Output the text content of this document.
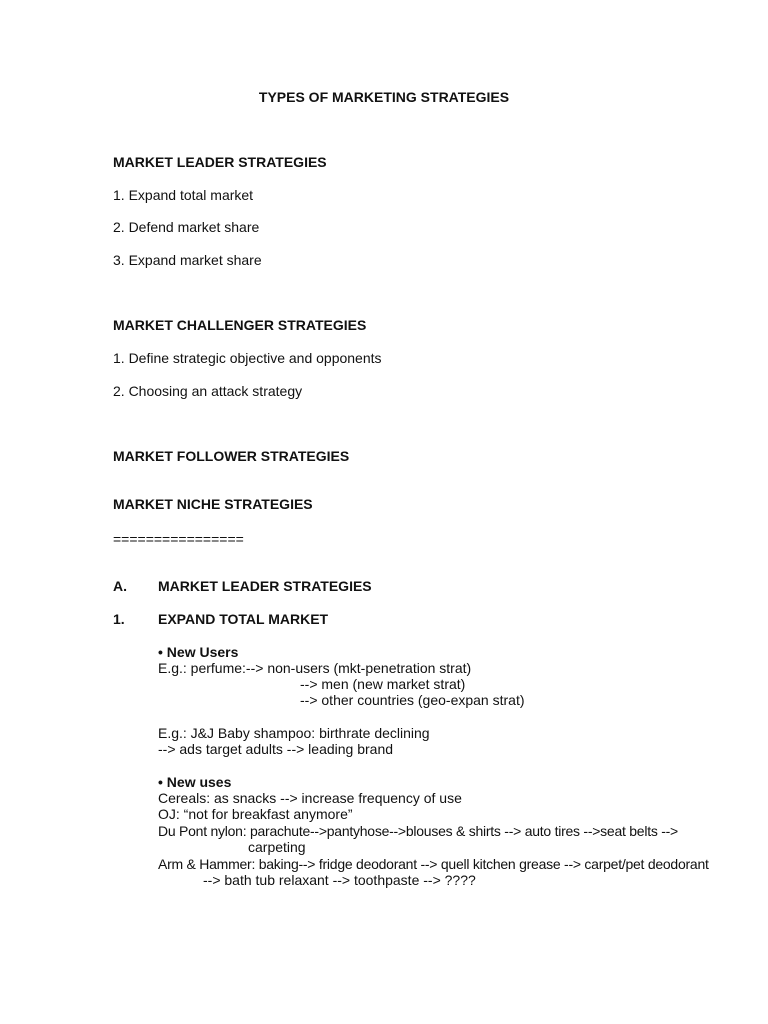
TYPES OF MARKETING STRATEGIES
MARKET LEADER STRATEGIES
1. Expand total market
2. Defend market share
3. Expand market share
MARKET CHALLENGER STRATEGIES
1. Define strategic objective and opponents
2. Choosing an attack strategy
MARKET FOLLOWER STRATEGIES
MARKET NICHE STRATEGIES
================
A. MARKET LEADER STRATEGIES
1. EXPAND TOTAL MARKET
• New Users
E.g.: perfume:--> non-users (mkt-penetration strat)
--> men (new market strat)
--> other countries (geo-expan strat)
E.g.: J&J Baby shampoo: birthrate declining
--> ads target adults --> leading brand
• New uses
Cereals: as snacks --> increase frequency of use
OJ: “not for breakfast anymore”
Du Pont nylon: parachute-->pantyhose-->blouses & shirts --> auto tires -->seat belts -->
carpeting
Arm & Hammer: baking--> fridge deodorant --> quell kitchen grease --> carpet/pet deodorant
--> bath tub relaxant --> toothpaste --> ????
